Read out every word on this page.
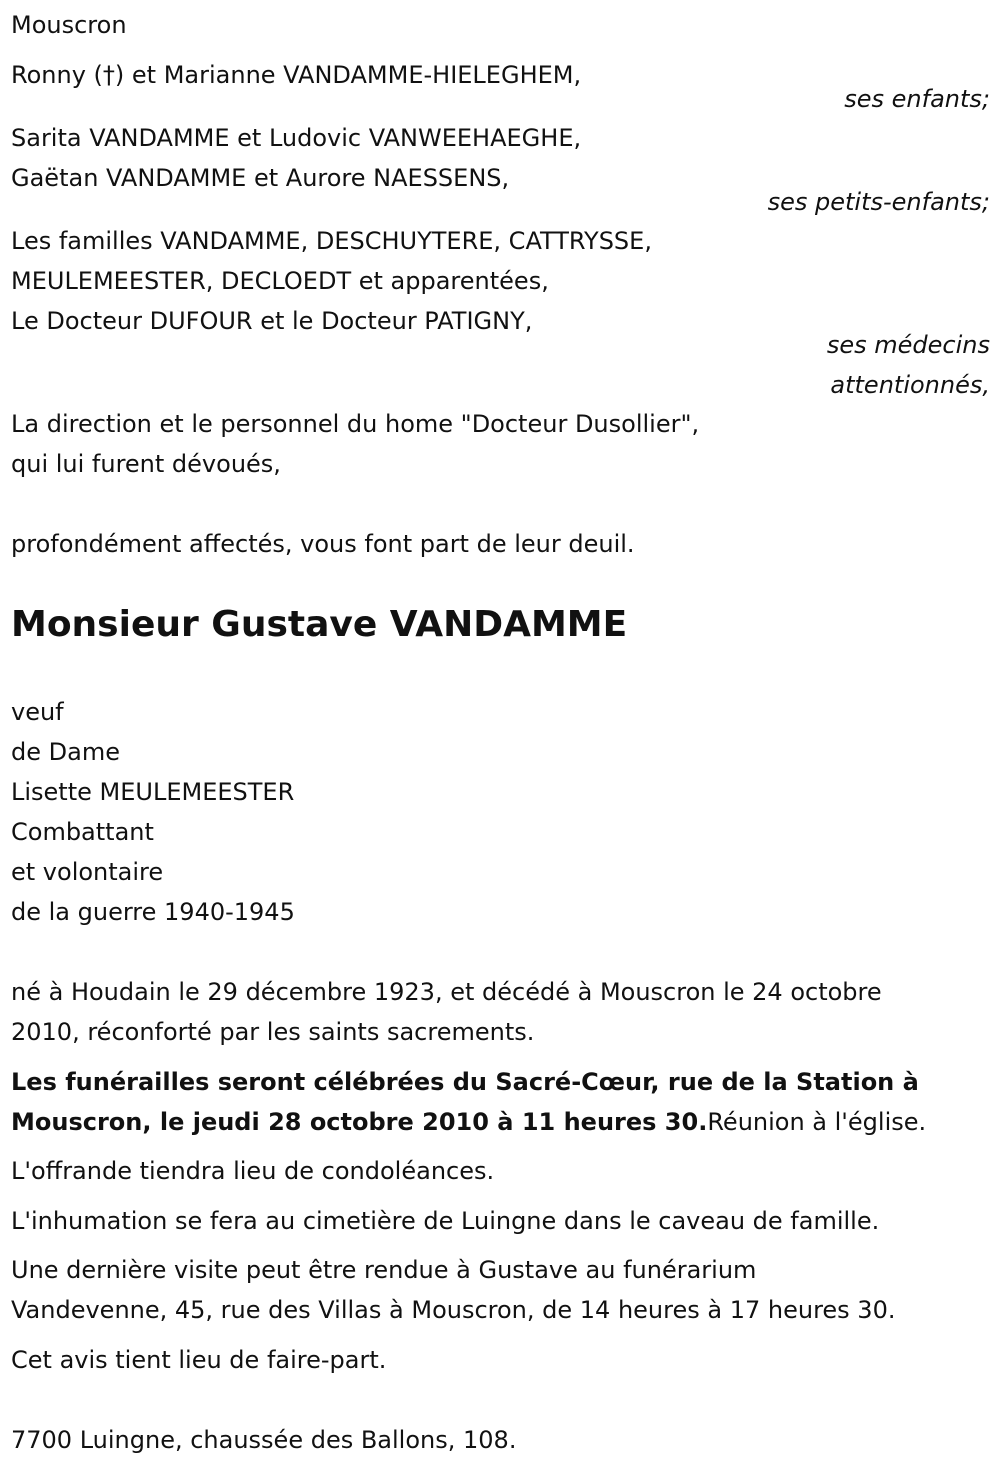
Mouscron
Ronny (†) et Marianne VANDAMME-HIELEGHEM,
ses enfants;
Sarita VANDAMME et Ludovic VANWEEHAEGHE,
Gaëtan VANDAMME et Aurore NAESSENS,
ses petits-enfants;
Les familles VANDAMME, DESCHUYTERE, CATTRYSSE,
MEULEMEESTER, DECLOEDT et apparentées,
Le Docteur DUFOUR et le Docteur PATIGNY,
ses médecins
attentionnés,
La direction et le personnel du home "Docteur Dusollier",
qui lui furent dévoués,
profondément affectés, vous font part de leur deuil.
Monsieur Gustave VANDAMME
veuf
de Dame
Lisette MEULEMEESTER
Combattant
et volontaire
de la guerre 1940-1945
né à Houdain le 29 décembre 1923, et décédé à Mouscron le 24 octobre
2010, réconforté par les saints sacrements.
Les funérailles seront célébrées du Sacré-Cœur, rue de la Station à
Mouscron, le jeudi 28 octobre 2010 à 11 heures 30.Réunion à l'église.
L'offrande tiendra lieu de condoléances.
L'inhumation se fera au cimetière de Luingne dans le caveau de famille.
Une dernière visite peut être rendue à Gustave au funérarium
Vandevenne, 45, rue des Villas à Mouscron, de 14 heures à 17 heures 30.
Cet avis tient lieu de faire-part.
7700 Luingne, chaussée des Ballons, 108.
